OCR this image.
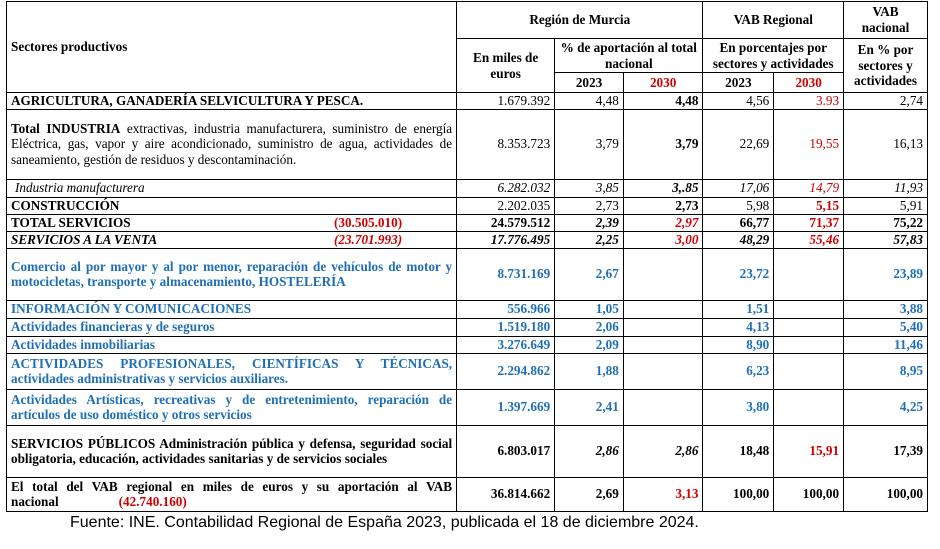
Sectores productivos	Región de Murcia			VAB Regional		VAB nacional
	En miles de euros	% de aportación al total nacional		En porcentajes por sectores y actividades		En % por sectores y actividades
		2023	2030	2023	2030	
AGRICULTURA, GANADERÍA SELVICULTURA Y PESCA.	1.679.392	4,48	4,48	4,56	3.93	2,74
Total INDUSTRIA extractivas, industria manufacturera, suministro de energía Eléctrica, gas, vapor y aire acondicionado, suministro de agua, actividades de saneamiento, gestión de residuos y descontaminación.	8.353.723	3,79	3,79	22,69	19,55	16,13
Industria manufacturera	6.282.032	3,85	3,.85	17,06	14,79	11,93
CONSTRUCCIÓN	2.202.035	2,73	2,73	5,98	5,15	5,91
TOTAL SERVICIOS (30.505.010)	24.579.512	2,39	2,97	66,77	71,37	75,22
SERVICIOS A LA VENTA (23.701.993)	17.776.495	2,25	3,00	48,29	55,46	57,83
Comercio al por mayor y al por menor, reparación de vehículos de motor y motocicletas, transporte y almacenamiento, HOSTELERÍA	8.731.169	2,67		23,72		23,89
INFORMACIÓN Y COMUNICACIONES	556.966	1,05		1,51		3,88
Actividades financieras y de seguros	1.519.180	2,06		4,13		5,40
Actividades inmobiliarias	3.276.649	2,09		8,90		11,46
ACTIVIDADES PROFESIONALES, CIENTÍFICAS Y TÉCNICAS, actividades administrativas y servicios auxiliares.	2.294.862	1,88		6,23		8,95
Actividades Artísticas, recreativas y de entretenimiento, reparación de artículos de uso doméstico y otros servicios	1.397.669	2,41		3,80		4,25
SERVICIOS PÚBLICOS Administración pública y defensa, seguridad social obligatoria, educación, actividades sanitarias y de servicios sociales	6.803.017	2,86	2,86	18,48	15,91	17,39
El total del VAB regional en miles de euros y su aportación al VAB nacional (42.740.160)	36.814.662	2,69	3,13	100,00	100,00	100,00
Fuente: INE. Contabilidad Regional de España 2023, publicada el 18 de diciembre 2024.
